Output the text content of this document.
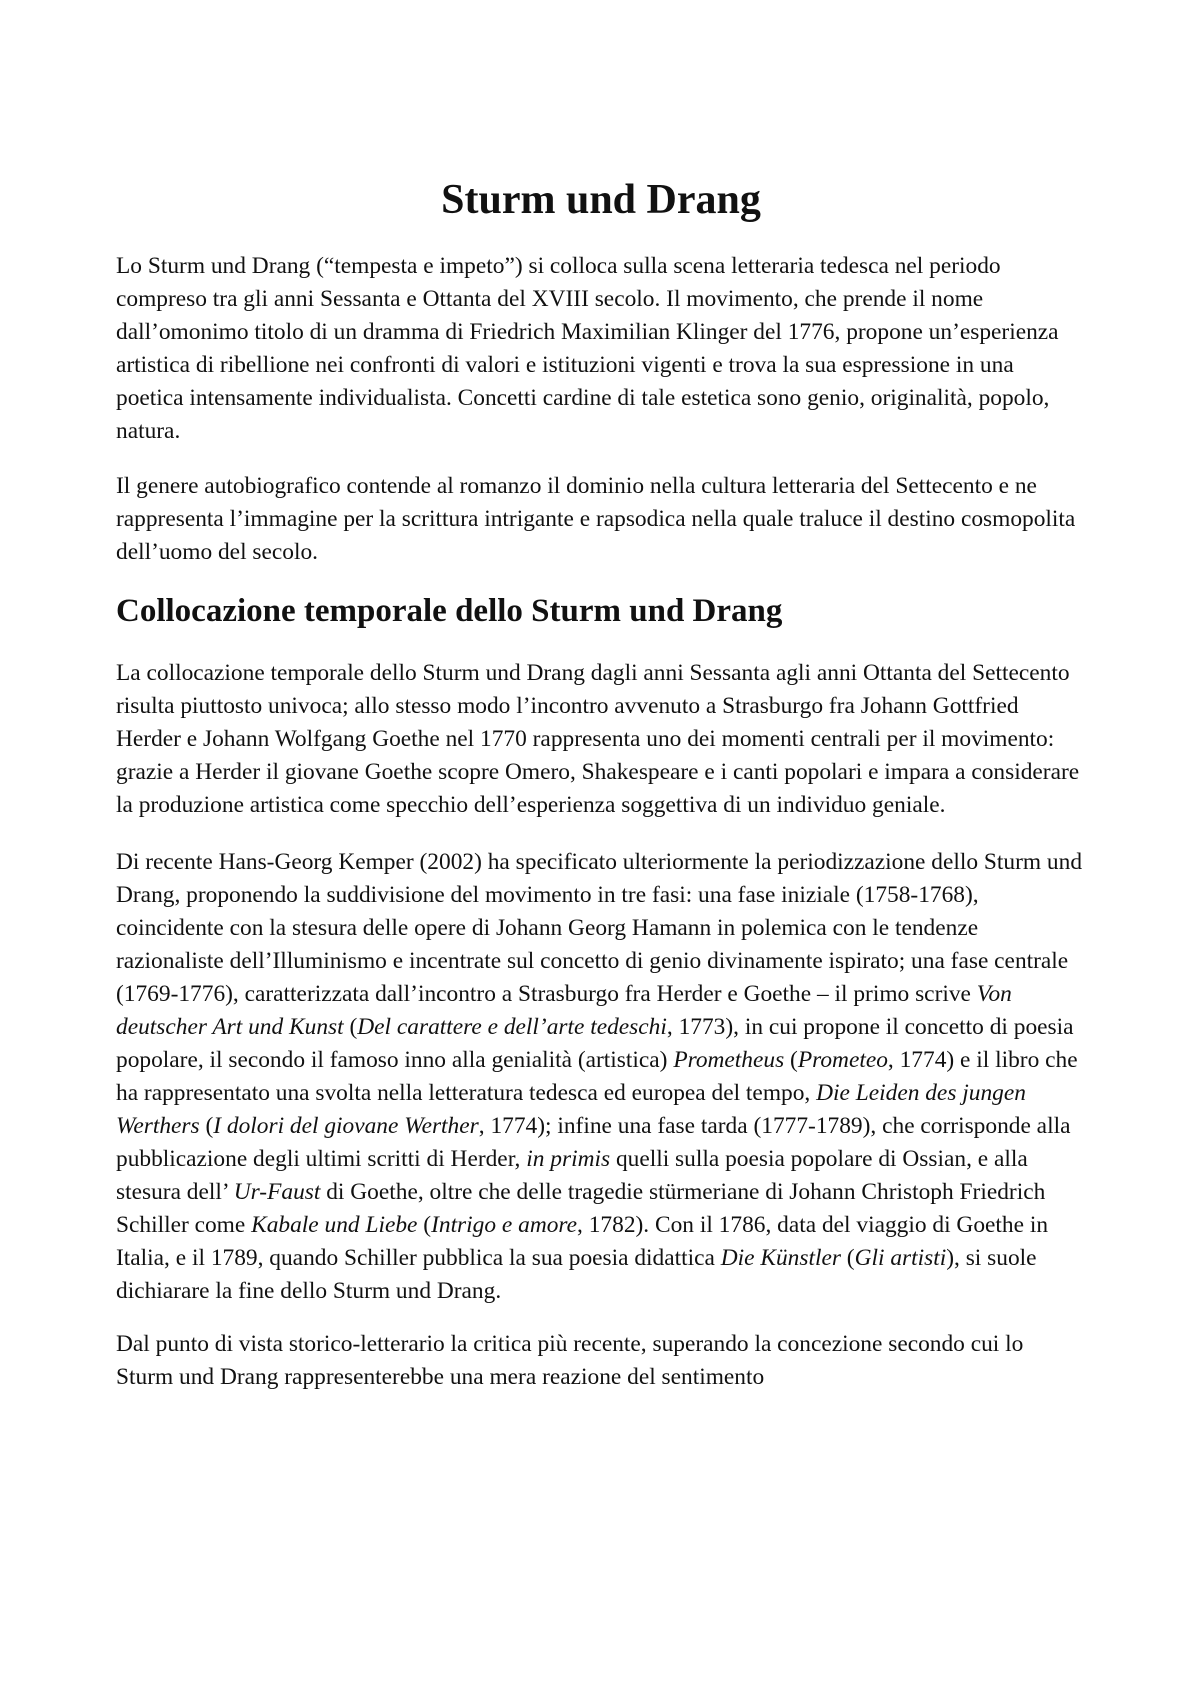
Sturm und Drang

Lo Sturm und Drang (“tempesta e impeto”) si colloca sulla scena letteraria tedesca nel periodo compreso tra gli anni Sessanta e Ottanta del XVIII secolo. Il movimento, che prende il nome dall’omonimo titolo di un dramma di Friedrich Maximilian Klinger del 1776, propone un’esperienza artistica di ribellione nei confronti di valori e istituzioni vigenti e trova la sua espressione in una poetica intensamente individualista. Concetti cardine di tale estetica sono genio, originalità, popolo, natura.

Il genere autobiografico contende al romanzo il dominio nella cultura letteraria del Settecento e ne rappresenta l’immagine per la scrittura intrigante e rapsodica nella quale traluce il destino cosmopolita dell’uomo del secolo.

Collocazione temporale dello Sturm und Drang

La collocazione temporale dello Sturm und Drang dagli anni Sessanta agli anni Ottanta del Settecento risulta piuttosto univoca; allo stesso modo l’incontro avvenuto a Strasburgo fra Johann Gottfried Herder e Johann Wolfgang Goethe nel 1770 rappresenta uno dei momenti centrali per il movimento: grazie a Herder il giovane Goethe scopre Omero, Shakespeare e i canti popolari e impara a considerare la produzione artistica come specchio dell’esperienza soggettiva di un individuo geniale.

Di recente Hans-Georg Kemper (2002) ha specificato ulteriormente la periodizzazione dello Sturm und Drang, proponendo la suddivisione del movimento in tre fasi: una fase iniziale (1758-1768), coincidente con la stesura delle opere di Johann Georg Hamann in polemica con le tendenze razionaliste dell’Illuminismo e incentrate sul concetto di genio divinamente ispirato; una fase centrale (1769-1776), caratterizzata dall’incontro a Strasburgo fra Herder e Goethe – il primo scrive Von deutscher Art und Kunst (Del carattere e dell’arte tedeschi, 1773), in cui propone il concetto di poesia popolare, il secondo il famoso inno alla genialità (artistica) Prometheus (Prometeo, 1774) e il libro che ha rappresentato una svolta nella letteratura tedesca ed europea del tempo, Die Leiden des jungen Werthers (I dolori del giovane Werther, 1774); infine una fase tarda (1777-1789), che corrisponde alla pubblicazione degli ultimi scritti di Herder, in primis quelli sulla poesia popolare di Ossian, e alla stesura dell’ Ur-Faust di Goethe, oltre che delle tragedie stürmeriane di Johann Christoph Friedrich Schiller come Kabale und Liebe (Intrigo e amore, 1782). Con il 1786, data del viaggio di Goethe in Italia, e il 1789, quando Schiller pubblica la sua poesia didattica Die Künstler (Gli artisti), si suole dichiarare la fine dello Sturm und Drang.

Dal punto di vista storico-letterario la critica più recente, superando la concezione secondo cui lo Sturm und Drang rappresenterebbe una mera reazione del sentimento
